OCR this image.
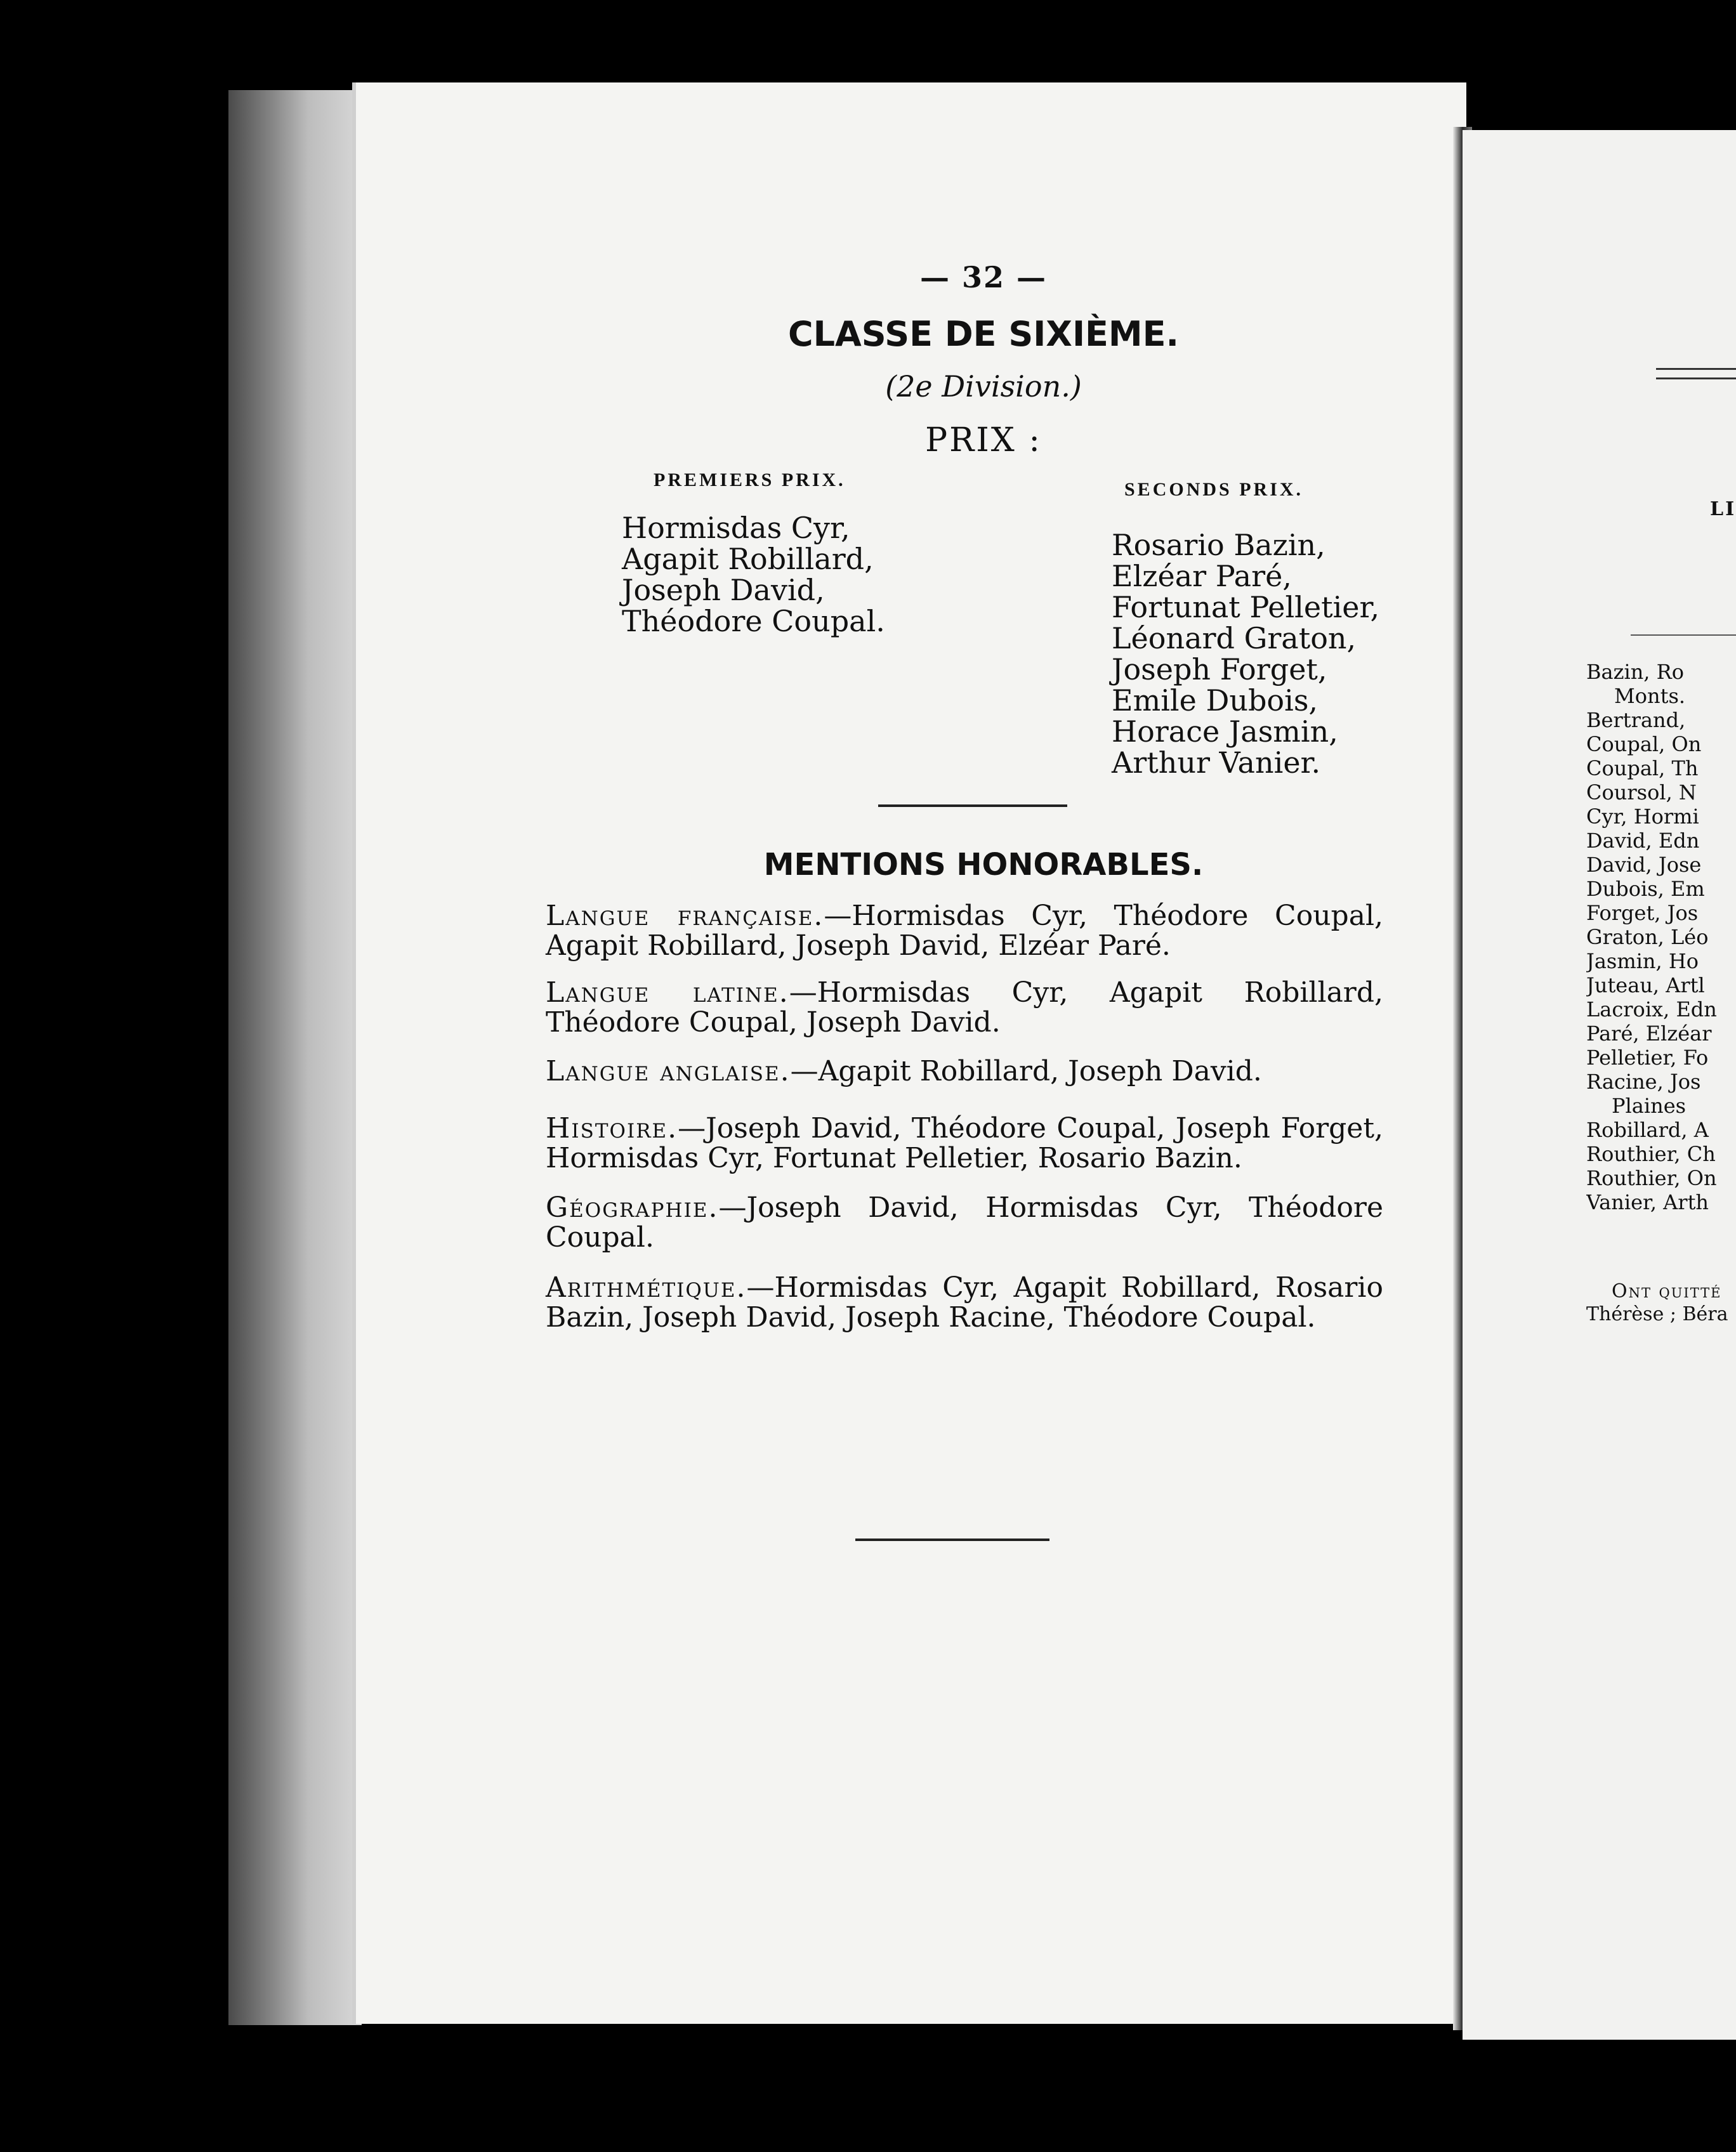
— 32 —
CLASSE DE SIXIÈME.
(2e Division.)
PRIX :
PREMIERS PRIX.
Hormisdas Cyr,
Agapit Robillard,
Joseph David,
Théodore Coupal.
SECONDS PRIX.
Rosario Bazin,
Elzéar Paré,
Fortunat Pelletier,
Léonard Graton,
Joseph Forget,
Emile Dubois,
Horace Jasmin,
Arthur Vanier.
MENTIONS HONORABLES.
Langue française.—Hormisdas Cyr, Théodore Coupal, Agapit Robillard, Joseph David, Elzéar Paré.
Langue latine.—Hormisdas Cyr, Agapit Robillard, Théodore Coupal, Joseph David.
Langue anglaise.—Agapit Robillard, Joseph David.
Histoire.—Joseph David, Théodore Coupal, Joseph Forget, Hormisdas Cyr, Fortunat Pelletier, Rosario Bazin.
Géographie.—Joseph David, Hormisdas Cyr, Théodore Coupal.
Arithmétique.—Hormisdas Cyr, Agapit Robillard, Rosario Bazin, Joseph David, Joseph Racine, Théodore Coupal.
LI
Bazin, Ro
Monts.
Bertrand,
Coupal, On
Coupal, Th
Coursol, N
Cyr, Hormi
David, Edn
David, Jose
Dubois, Em
Forget, Jos
Graton, Léo
Jasmin, Ho
Juteau, Artl
Lacroix, Edn
Paré, Elzéar
Pelletier, Fo
Racine, Jos
Plaines
Robillard, A
Routhier, Ch
Routhier, On
Vanier, Arth
Ont quitté
Thérèse ; Béra
